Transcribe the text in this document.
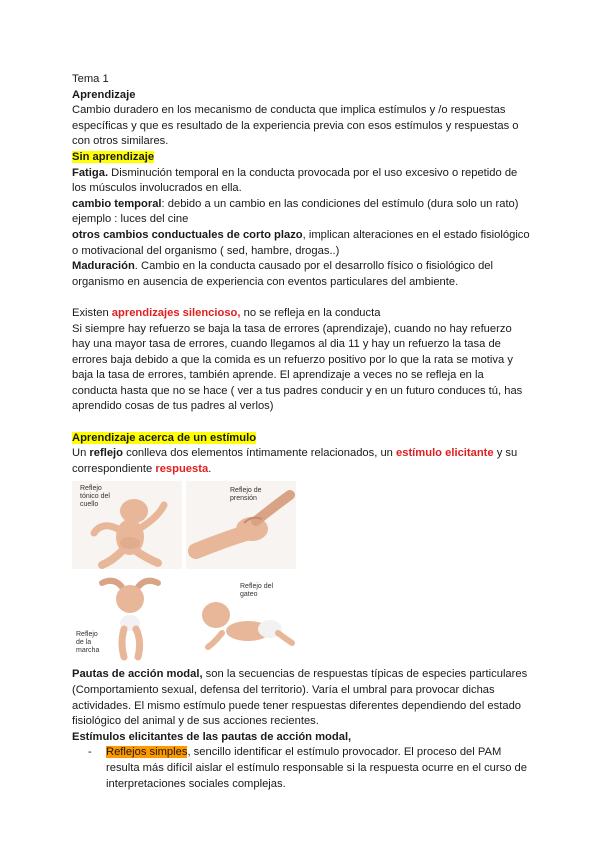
Tema 1

Aprendizaje

Cambio duradero en los mecanismo de conducta que implica estímulos y /o respuestas específicas y que es resultado de la experiencia previa con esos estímulos y respuestas o con otros similares.

Sin aprendizaje

Fatiga. Disminución temporal en la conducta provocada por el uso excesivo o repetido de los músculos involucrados en ella.

cambio temporal: debido a un cambio en las condiciones del estímulo (dura solo un rato) ejemplo : luces del cine

otros cambios conductuales de corto plazo, implican alteraciones en el estado fisiológico o motivacional del organismo ( sed, hambre, drogas..)

Maduración. Cambio en la conducta causado por el desarrollo físico o fisiológico del organismo en ausencia de experiencia con eventos particulares del ambiente.

Existen aprendizajes silencioso, no se refleja en la conducta

Si siempre hay refuerzo se baja la tasa de errores (aprendizaje), cuando no hay refuerzo hay una mayor tasa de errores, cuando llegamos al dia 11 y hay un refuerzo la tasa de errores baja debido a que la comida es un refuerzo positivo por lo que la rata se motiva y baja la tasa de errores, también aprende. El aprendizaje a veces no se refleja en la conducta hasta que no se hace ( ver a tus padres conducir y en un futuro conduces tú, has aprendido cosas de tus padres al verlos)

Aprendizaje acerca de un estímulo

Un reflejo conlleva dos elementos íntimamente relacionados, un estímulo elicitante y su correspondiente respuesta.

Reflejo
tónico del
cuello
Reflejo de
prensión
Reflejo
de la
marcha
Reflejo del
gateo

Pautas de acción modal, son la secuencias de respuestas típicas de especies particulares (Comportamiento sexual, defensa del territorio). Varía el umbral para provocar dichas actividades. El mismo estímulo puede tener respuestas diferentes dependiendo del estado fisiológico del animal y de sus acciones recientes.

Estímulos elicitantes de las pautas de acción modal,

- Reflejos simples, sencillo identificar el estímulo provocador. El proceso del PAM resulta más difícil aislar el estímulo responsable si la respuesta ocurre en el curso de interpretaciones sociales complejas.
